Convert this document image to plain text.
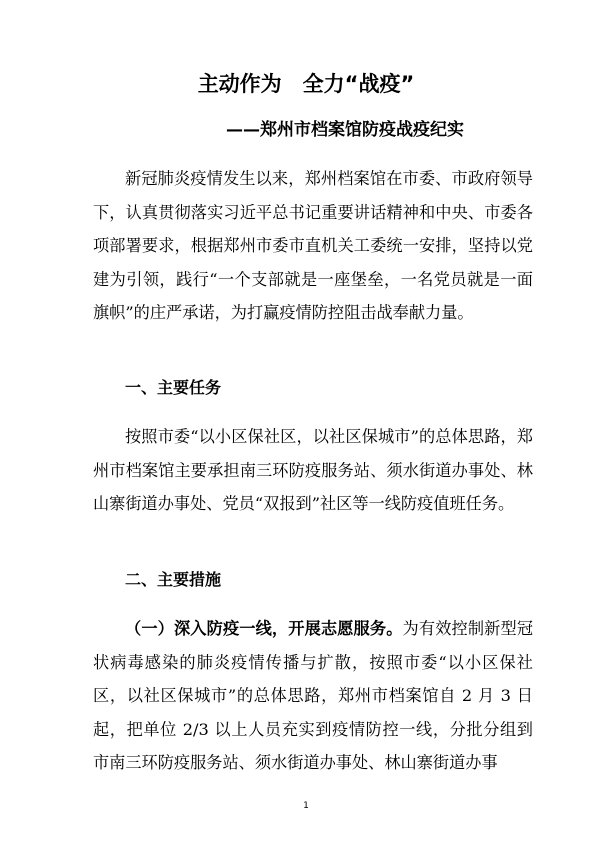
主动作为　全力“战疫”
——郑州市档案馆防疫战疫纪实
新冠肺炎疫情发生以来，郑州档案馆在市委、市政府领导下，认真贯彻落实习近平总书记重要讲话精神和中央、市委各项部署要求，根据郑州市委市直机关工委统一安排，坚持以党建为引领，践行“一个支部就是一座堡垒，一名党员就是一面旗帜”的庄严承诺，为打赢疫情防控阻击战奉献力量。
一、主要任务
按照市委“以小区保社区，以社区保城市”的总体思路，郑州市档案馆主要承担南三环防疫服务站、须水街道办事处、林山寨街道办事处、党员“双报到”社区等一线防疫值班任务。
二、主要措施
（一）深入防疫一线，开展志愿服务。为有效控制新型冠状病毒感染的肺炎疫情传播与扩散，按照市委“以小区保社区，以社区保城市”的总体思路，郑州市档案馆自 2 月 3 日起，把单位 2/3 以上人员充实到疫情防控一线，分批分组到市南三环防疫服务站、须水街道办事处、林山寨街道办事
1
